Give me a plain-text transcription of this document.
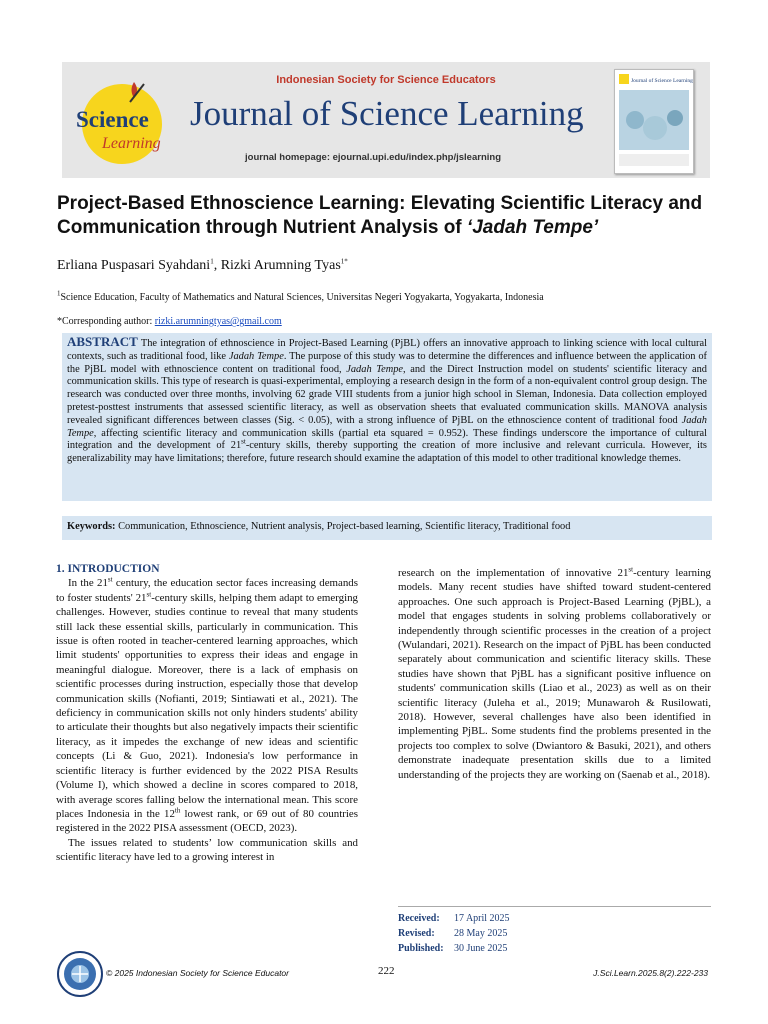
Science
Learning
Indonesian Society for Science Educators
Journal of Science Learning
journal homepage: ejournal.upi.edu/index.php/jslearning
Journal of Science Learning
Project-Based Ethnoscience Learning: Elevating Scientific Literacy and
Communication through Nutrient Analysis of ‘Jadah Tempe’
Erliana Puspasari Syahdani$^1$, Rizki Arumning Tyas$^{1*}$
$^1$Science Education, Faculty of Mathematics and Natural Sciences, Universitas Negeri Yogyakarta, Yogyakarta, Indonesia
*Corresponding author: rizki.arumningtyas@gmail.com
ABSTRACT The integration of ethnoscience in Project-Based Learning (PjBL) offers an innovative approach to linking science with local cultural contexts, such as traditional food, like Jadah Tempe. The purpose of this study was to determine the differences and influence between the application of the PjBL model with ethnoscience content on traditional food, Jadah Tempe, and the Direct Instruction model on students' scientific literacy and communication skills. This type of research is quasi-experimental, employing a research design in the form of a non-equivalent control group design. The research was conducted over three months, involving 62 grade VIII students from a junior high school in Sleman, Indonesia. Data collection employed pretest-posttest instruments that assessed scientific literacy, as well as observation sheets that evaluated communication skills. MANOVA analysis revealed significant differences between classes (Sig. < 0.05), with a strong influence of PjBL on the ethnoscience content of traditional food Jadah Tempe, affecting scientific literacy and communication skills (partial eta squared = 0.952). These findings underscore the importance of cultural integration and the development of 21st-century skills, thereby supporting the creation of more inclusive and relevant curricula. However, its generalizability may have limitations; therefore, future research should examine the adaptation of this model to other traditional knowledge themes.
Keywords: Communication, Ethnoscience, Nutrient analysis, Project-based learning, Scientific literacy, Traditional food

1. INTRODUCTION

In the 21st century, the education sector faces increasing demands to foster students' 21st-century skills, helping them adapt to emerging challenges. However, studies continue to reveal that many students still lack these essential skills, particularly in communication. This issue is often rooted in teacher-centered learning approaches, which limit students' opportunities to express their ideas and engage in meaningful dialogue. Moreover, there is a lack of emphasis on scientific processes during instruction, especially those that develop communication skills (Nofianti, 2019; Sintiawati et al., 2021). The deficiency in communication skills not only hinders students' ability to articulate their thoughts but also negatively impacts their scientific literacy, as it impedes the exchange of new ideas and scientific concepts (Li & Guo, 2021). Indonesia's low performance in scientific literacy is further evidenced by the 2022 PISA Results (Volume I), which showed a decline in scores compared to 2018, with average scores falling below the international mean. This score places Indonesia in the 12th lowest rank, or 69 out of 80 countries registered in the 2022 PISA assessment (OECD, 2023).

The issues related to students’ low communication skills and scientific literacy have led to a growing interest in

research on the implementation of innovative 21st-century learning models. Many recent studies have shifted toward student-centered approaches. One such approach is Project-Based Learning (PjBL), a model that engages students in solving problems collaboratively or independently through scientific processes in the creation of a project (Wulandari, 2021). Research on the impact of PjBL has been conducted separately about communication and scientific literacy skills. These studies have shown that PjBL has a significant positive influence on students' communication skills (Liao et al., 2023) as well as on their scientific literacy (Juleha et al., 2019; Munawaroh & Rusilowati, 2018). However, several challenges have also been identified in implementing PjBL. Some students find the problems presented in the projects too complex to solve (Dwiantoro & Basuki, 2021), and others demonstrate inadequate presentation skills due to a limited understanding of the projects they are working on (Saenab et al., 2018).

Received: 17 April 2025
Revised: 28 May 2025
Published: 30 June 2025
© 2025 Indonesian Society for Science Educator	222	J.Sci.Learn.2025.8(2).222-233
